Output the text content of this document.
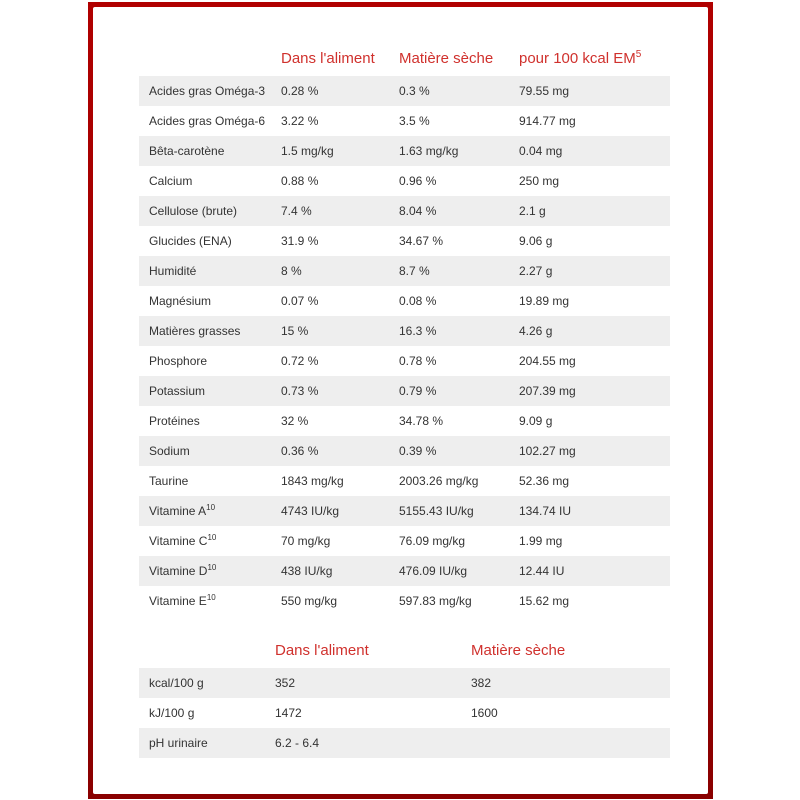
	Dans l'aliment	Matière sèche	pour 100 kcal $EM^5$
Acides gras Oméga-3	0.28 %	0.3 %	79.55 mg
Acides gras Oméga-6	3.22 %	3.5 %	914.77 mg
Bêta-carotène	1.5 mg/kg	1.63 mg/kg	0.04 mg
Calcium	0.88 %	0.96 %	250 mg
Cellulose (brute)	7.4 %	8.04 %	2.1 g
Glucides (ENA)	31.9 %	34.67 %	9.06 g
Humidité	8 %	8.7 %	2.27 g
Magnésium	0.07 %	0.08 %	19.89 mg
Matières grasses	15 %	16.3 %	4.26 g
Phosphore	0.72 %	0.78 %	204.55 mg
Potassium	0.73 %	0.79 %	207.39 mg
Protéines	32 %	34.78 %	9.09 g
Sodium	0.36 %	0.39 %	102.27 mg
Taurine	1843 mg/kg	2003.26 mg/kg	52.36 mg
Vitamine $A^{10}$	4743 IU/kg	5155.43 IU/kg	134.74 IU
Vitamine $C^{10}$	70 mg/kg	76.09 mg/kg	1.99 mg
Vitamine $D^{10}$	438 IU/kg	476.09 IU/kg	12.44 IU
Vitamine $E^{10}$	550 mg/kg	597.83 mg/kg	15.62 mg
	Dans l'aliment	Matière sèche
kcal/100 g	352	382
kJ/100 g	1472	1600
pH urinaire	6.2 - 6.4	
